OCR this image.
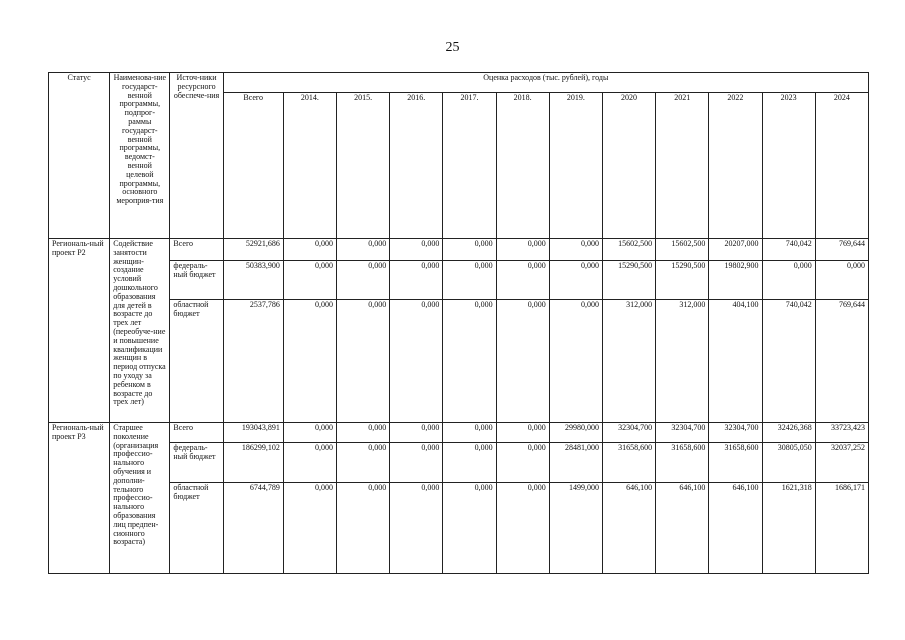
25
Статус	Наименова-ние государст-венной программы, подпрог-раммы государст-венной программы, ведомст-венной целевой программы, основного мероприя-тия	Источ-ники ресурсного обеспече-ния	Оценка расходов (тыс. рублей), годы											
			Всего	2014.	2015.	2016.	2017.	2018.	2019.	2020	2021	2022	2023	2024
Региональ-ный проект Р2	Содействие занятости женщин-создание условий дошкольного образования для детей в возрасте до трех лет (переобуче-ние и повышение квалификации женщин в период отпуска по уходу за ребенком в возрасте до трех лет)	Всего	52921,686	0,000	0,000	0,000	0,000	0,000	0,000	15602,500	15602,500	20207,000	740,042	769,644
		федераль-ный бюджет	50383,900	0,000	0,000	0,000	0,000	0,000	0,000	15290,500	15290,500	19802,900	0,000	0,000
		областной бюджет	2537,786	0,000	0,000	0,000	0,000	0,000	0,000	312,000	312,000	404,100	740,042	769,644
Региональ-ный проект Р3	Старшее поколение (организация профессио-нального обучения и дополни-тельного профессио-нального образования лиц предпен-сионного возраста)	Всего	193043,891	0,000	0,000	0,000	0,000	0,000	29980,000	32304,700	32304,700	32304,700	32426,368	33723,423
		федераль-ный бюджет	186299,102	0,000	0,000	0,000	0,000	0,000	28481,000	31658,600	31658,600	31658,600	30805,050	32037,252
		областной бюджет	6744,789	0,000	0,000	0,000	0,000	0,000	1499,000	646,100	646,100	646,100	1621,318	1686,171
